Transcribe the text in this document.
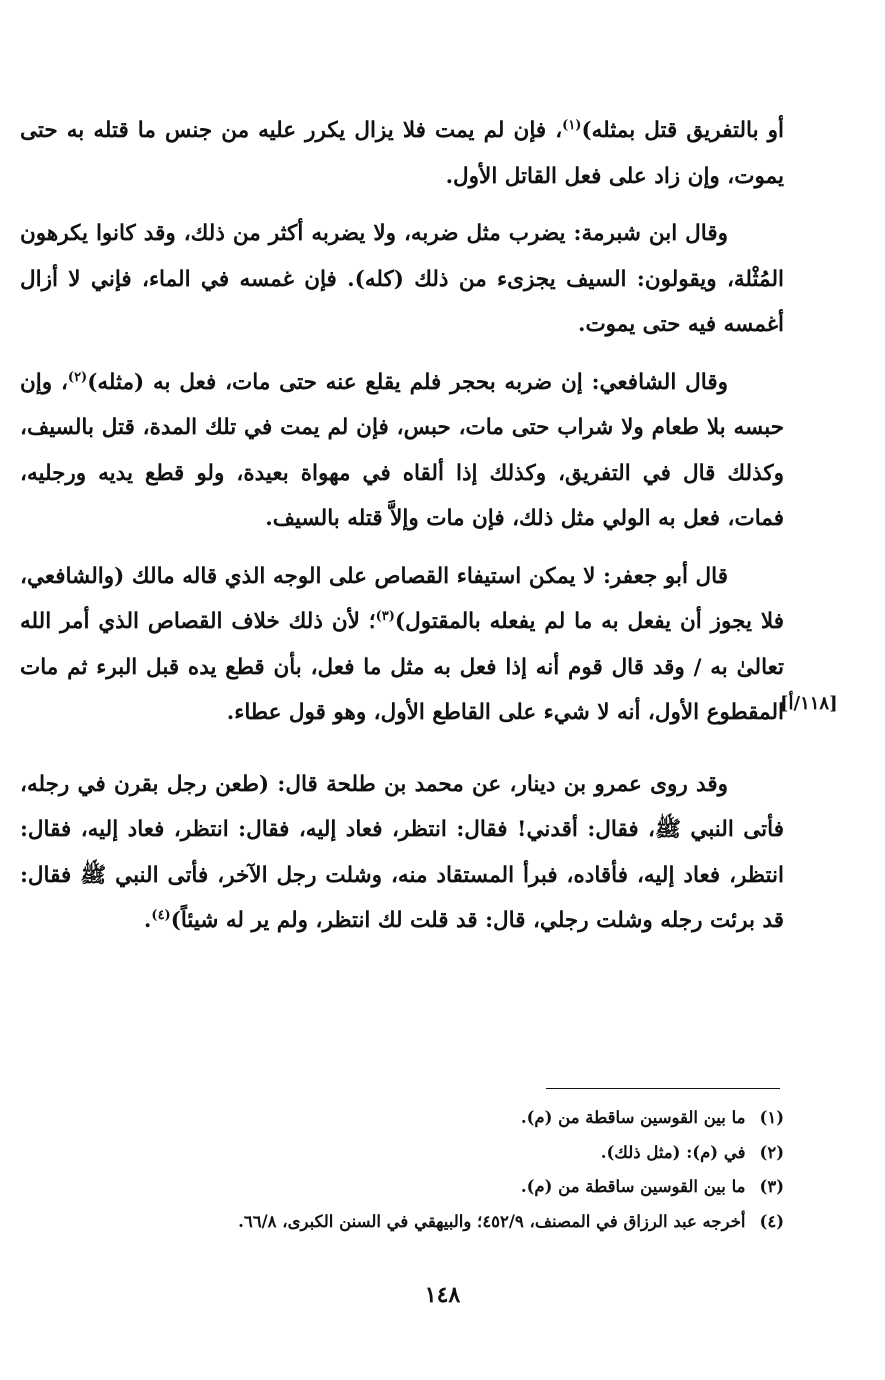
أو بالتفريق قتل بمثله)$^{(١)}$، فإن لم يمت فلا يزال يكرر عليه من جنس ما قتله به حتى يموت، وإن زاد على فعل القاتل الأول.

وقال ابن شبرمة: يضرب مثل ضربه، ولا يضربه أكثر من ذلك، وقد كانوا يكرهون المُثْلة، ويقولون: السيف يجزىء من ذلك (كله). فإن غمسه في الماء، فإني لا أزال أغمسه فيه حتى يموت.

وقال الشافعي: إن ضربه بحجر فلم يقلع عنه حتى مات، فعل به (مثله)$^{(٢)}$، وإن حبسه بلا طعام ولا شراب حتى مات، حبس، فإن لم يمت في تلك المدة، قتل بالسيف، وكذلك قال في التفريق، وكذلك إذا ألقاه في مهواة بعيدة، ولو قطع يديه ورجليه، فمات، فعل به الولي مثل ذلك، فإن مات وإلاَّ قتله بالسيف.

قال أبو جعفر: لا يمكن استيفاء القصاص على الوجه الذي قاله مالك (والشافعي، فلا يجوز أن يفعل به ما لم يفعله بالمقتول)$^{(٣)}$؛ لأن ذلك خلاف القصاص الذي أمر الله تعالىٰ به / وقد قال قوم أنه إذا فعل به مثل ما فعل، بأن قطع يده قبل البرء ثم مات المقطوع الأول، أنه لا شيء على القاطع الأول، وهو قول عطاء.

وقد روى عمرو بن دينار، عن محمد بن طلحة قال: (طعن رجل بقرن في رجله، فأتى النبي ﷺ، فقال: أقدني! فقال: انتظر، فعاد إليه، فقال: انتظر، فعاد إليه، فقال: انتظر، فعاد إليه، فأقاده، فبرأ المستقاد منه، وشلت رجل الآخر، فأتى النبي ﷺ فقال: قد برئت رجله وشلت رجلي، قال: قد قلت لك انتظر، ولم ير له شيئاً)$^{(٤)}$.

[١١٨/أ]
(١)ما بين القوسين ساقطة من (م).
(٢)في (م): (مثل ذلك).
(٣)ما بين القوسين ساقطة من (م).
(٤)أخرجه عبد الرزاق في المصنف، ٤٥٢/٩؛ والبيهقي في السنن الكبرى، ٦٦/٨.
١٤٨
